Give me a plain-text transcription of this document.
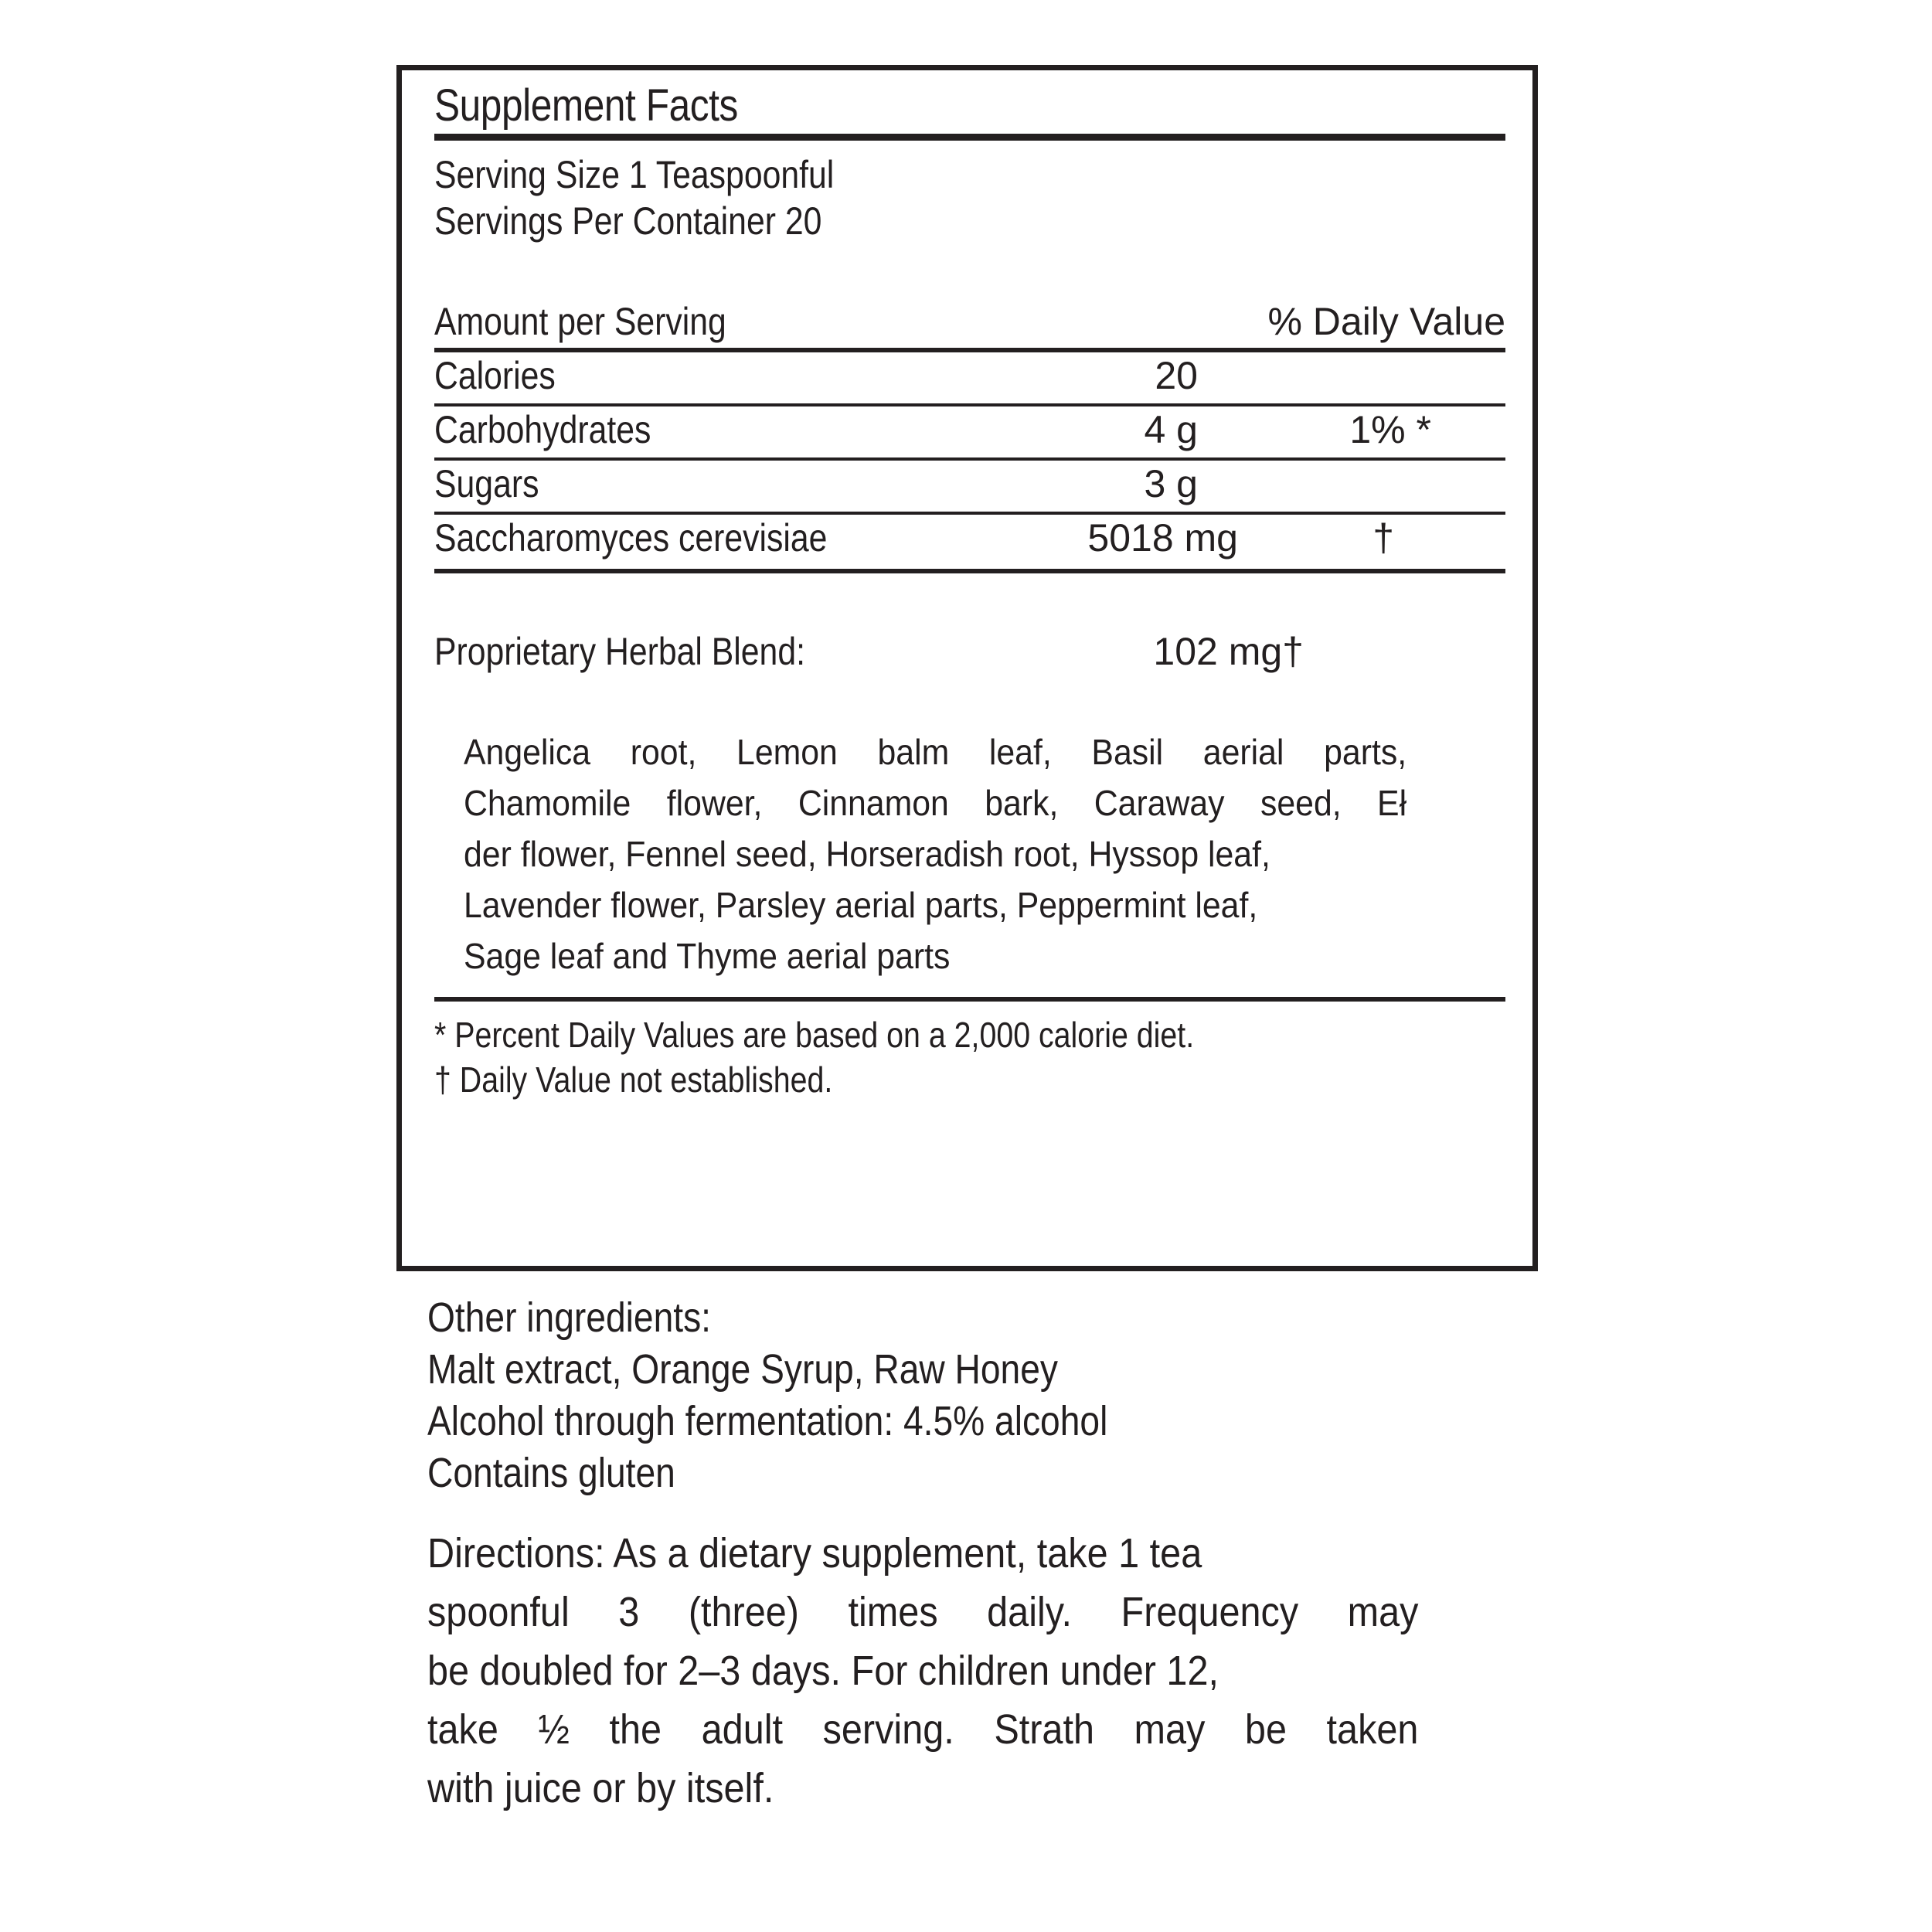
Supplement Facts
Serving Size 1 Teaspoonful
Servings Per Container 20
Amount per Serving	% Daily Value
Calories	20
Carbohydrates	4 g	1% *
Sugars	3 g
Saccharomyces cerevisiae	5018 mg	†
Proprietary Herbal Blend:	102 mg†
Angelica root, Lemon balm leaf, Basil aerial parts,
Chamomile flower, Cinnamon bark, Caraway seed, Eł
der flower, Fennel seed, Horseradish root, Hyssop leaf,
Lavender flower, Parsley aerial parts, Peppermint leaf,
Sage leaf and Thyme aerial parts
* Percent Daily Values are based on a 2,000 calorie diet.
† Daily Value not established.
Other ingredients:
Malt extract, Orange Syrup, Raw Honey
Alcohol through fermentation: 4.5% alcohol
Contains gluten
Directions: As a dietary supplement, take 1 tea
spoonful 3 (three) times daily. Frequency may
be doubled for 2–3 days. For children under 12,
take ½ the adult serving. Strath may be taken
with juice or by itself.
